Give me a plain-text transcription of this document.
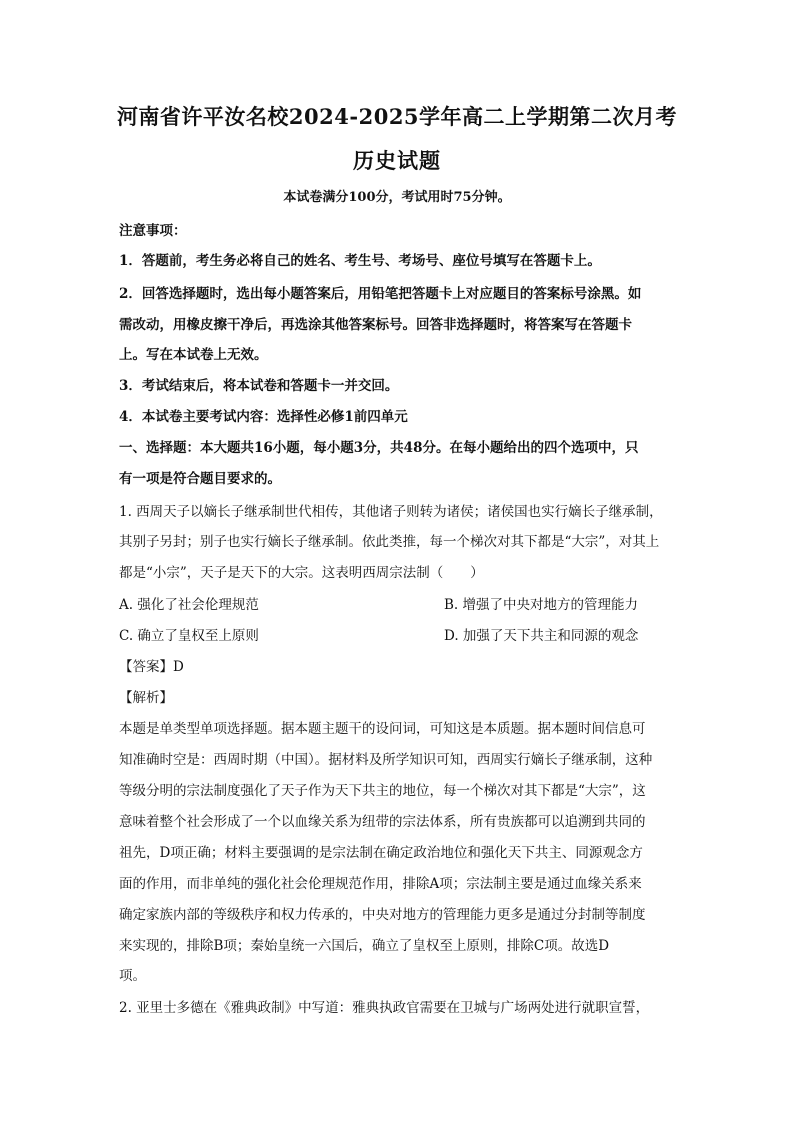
河南省许平汝名校2024-2025学年高二上学期第二次月考
历史试题
本试卷满分100分，考试用时75分钟。
注意事项：
1．答题前，考生务必将自己的姓名、考生号、考场号、座位号填写在答题卡上。
2．回答选择题时，选出每小题答案后，用铅笔把答题卡上对应题目的答案标号涂黑。如
需改动，用橡皮擦干净后，再选涂其他答案标号。回答非选择题时，将答案写在答题卡
上。写在本试卷上无效。
3．考试结束后，将本试卷和答题卡一并交回。
4．本试卷主要考试内容：选择性必修1前四单元
一、选择题：本大题共16小题，每小题3分，共48分。在每小题给出的四个选项中，只
有一项是符合题目要求的。
1. 西周天子以嫡长子继承制世代相传，其他诸子则转为诸侯；诸侯国也实行嫡长子继承制，
其别子另封；别子也实行嫡长子继承制。依此类推，每一个梯次对其下都是“大宗”，对其上
都是“小宗”，天子是天下的大宗。这表明西周宗法制（　　）
A. 强化了社会伦理规范	B. 增强了中央对地方的管理能力
C. 确立了皇权至上原则	D. 加强了天下共主和同源的观念
【答案】D
【解析】
本题是单类型单项选择题。据本题主题干的设问词，可知这是本质题。据本题时间信息可
知准确时空是：西周时期（中国）。据材料及所学知识可知，西周实行嫡长子继承制，这种
等级分明的宗法制度强化了天子作为天下共主的地位，每一个梯次对其下都是“大宗”，这
意味着整个社会形成了一个以血缘关系为纽带的宗法体系，所有贵族都可以追溯到共同的
祖先，D项正确；材料主要强调的是宗法制在确定政治地位和强化天下共主、同源观念方
面的作用，而非单纯的强化社会伦理规范作用，排除A项；宗法制主要是通过血缘关系来
确定家族内部的等级秩序和权力传承的，中央对地方的管理能力更多是通过分封制等制度
来实现的，排除B项；秦始皇统一六国后，确立了皇权至上原则，排除C项。故选D
项。
2. 亚里士多德在《雅典政制》中写道：雅典执政官需要在卫城与广场两处进行就职宣誓，
